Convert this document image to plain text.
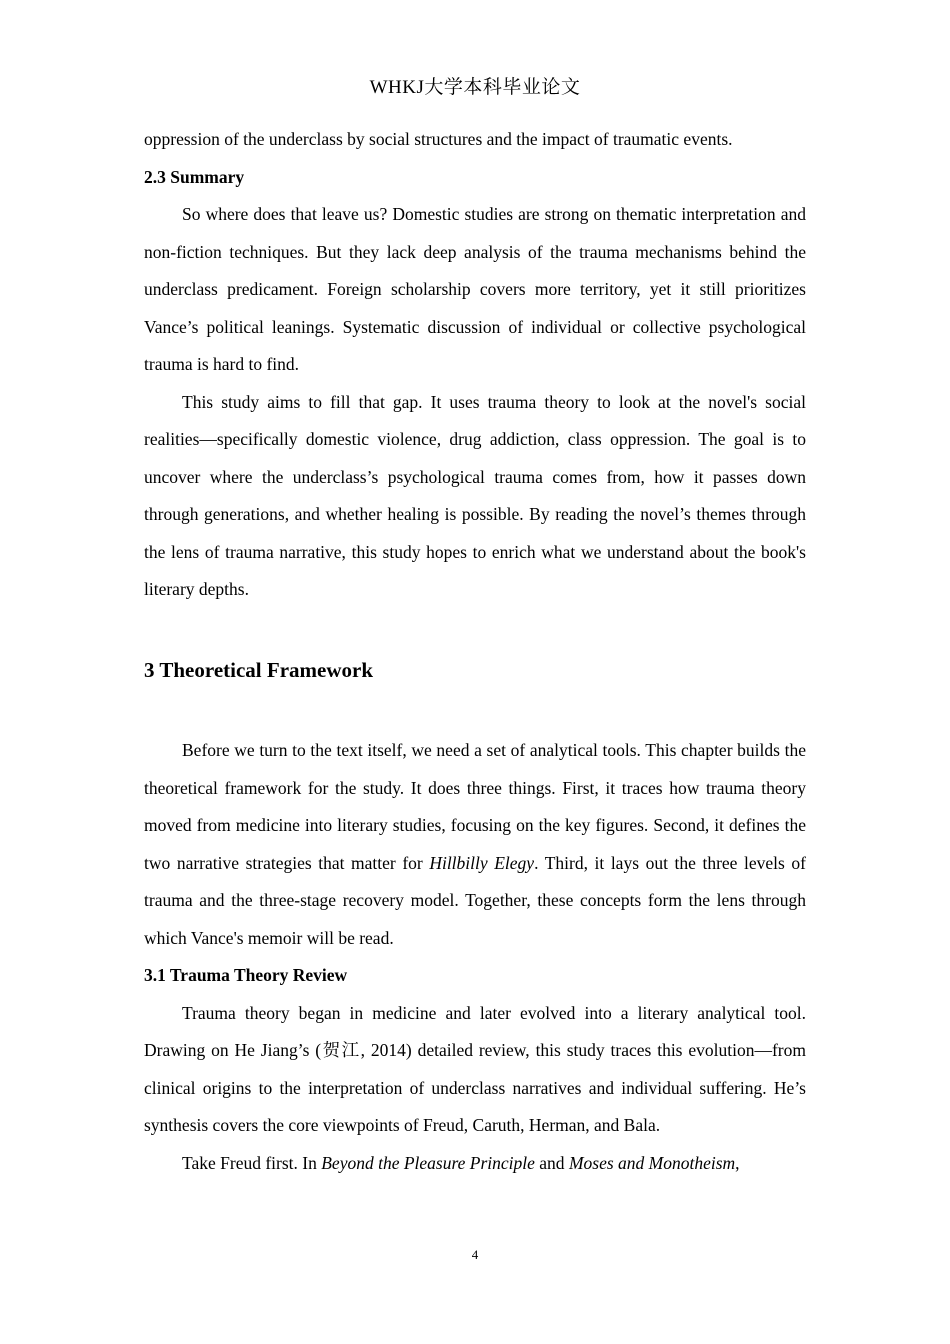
WHKJ大学本科毕业论文

oppression of the underclass by social structures and the impact of traumatic events.

2.3 Summary

So where does that leave us? Domestic studies are strong on thematic interpretation and non-fiction techniques. But they lack deep analysis of the trauma mechanisms behind the underclass predicament. Foreign scholarship covers more territory, yet it still prioritizes Vance’s political leanings. Systematic discussion of individual or collective psychological trauma is hard to find.

This study aims to fill that gap. It uses trauma theory to look at the novel's social realities—specifically domestic violence, drug addiction, class oppression. The goal is to uncover where the underclass’s psychological trauma comes from, how it passes down through generations, and whether healing is possible. By reading the novel’s themes through the lens of trauma narrative, this study hopes to enrich what we understand about the book's literary depths.

3 Theoretical Framework

Before we turn to the text itself, we need a set of analytical tools. This chapter builds the theoretical framework for the study. It does three things. First, it traces how trauma theory moved from medicine into literary studies, focusing on the key figures. Second, it defines the two narrative strategies that matter for Hillbilly Elegy. Third, it lays out the three levels of trauma and the three-stage recovery model. Together, these concepts form the lens through which Vance's memoir will be read.

3.1 Trauma Theory Review

Trauma theory began in medicine and later evolved into a literary analytical tool. Drawing on He Jiang’s (贺江, 2014) detailed review, this study traces this evolution—from clinical origins to the interpretation of underclass narratives and individual suffering. He’s synthesis covers the core viewpoints of Freud, Caruth, Herman, and Bala.

Take Freud first. In Beyond the Pleasure Principle and Moses and Monotheism,

4
